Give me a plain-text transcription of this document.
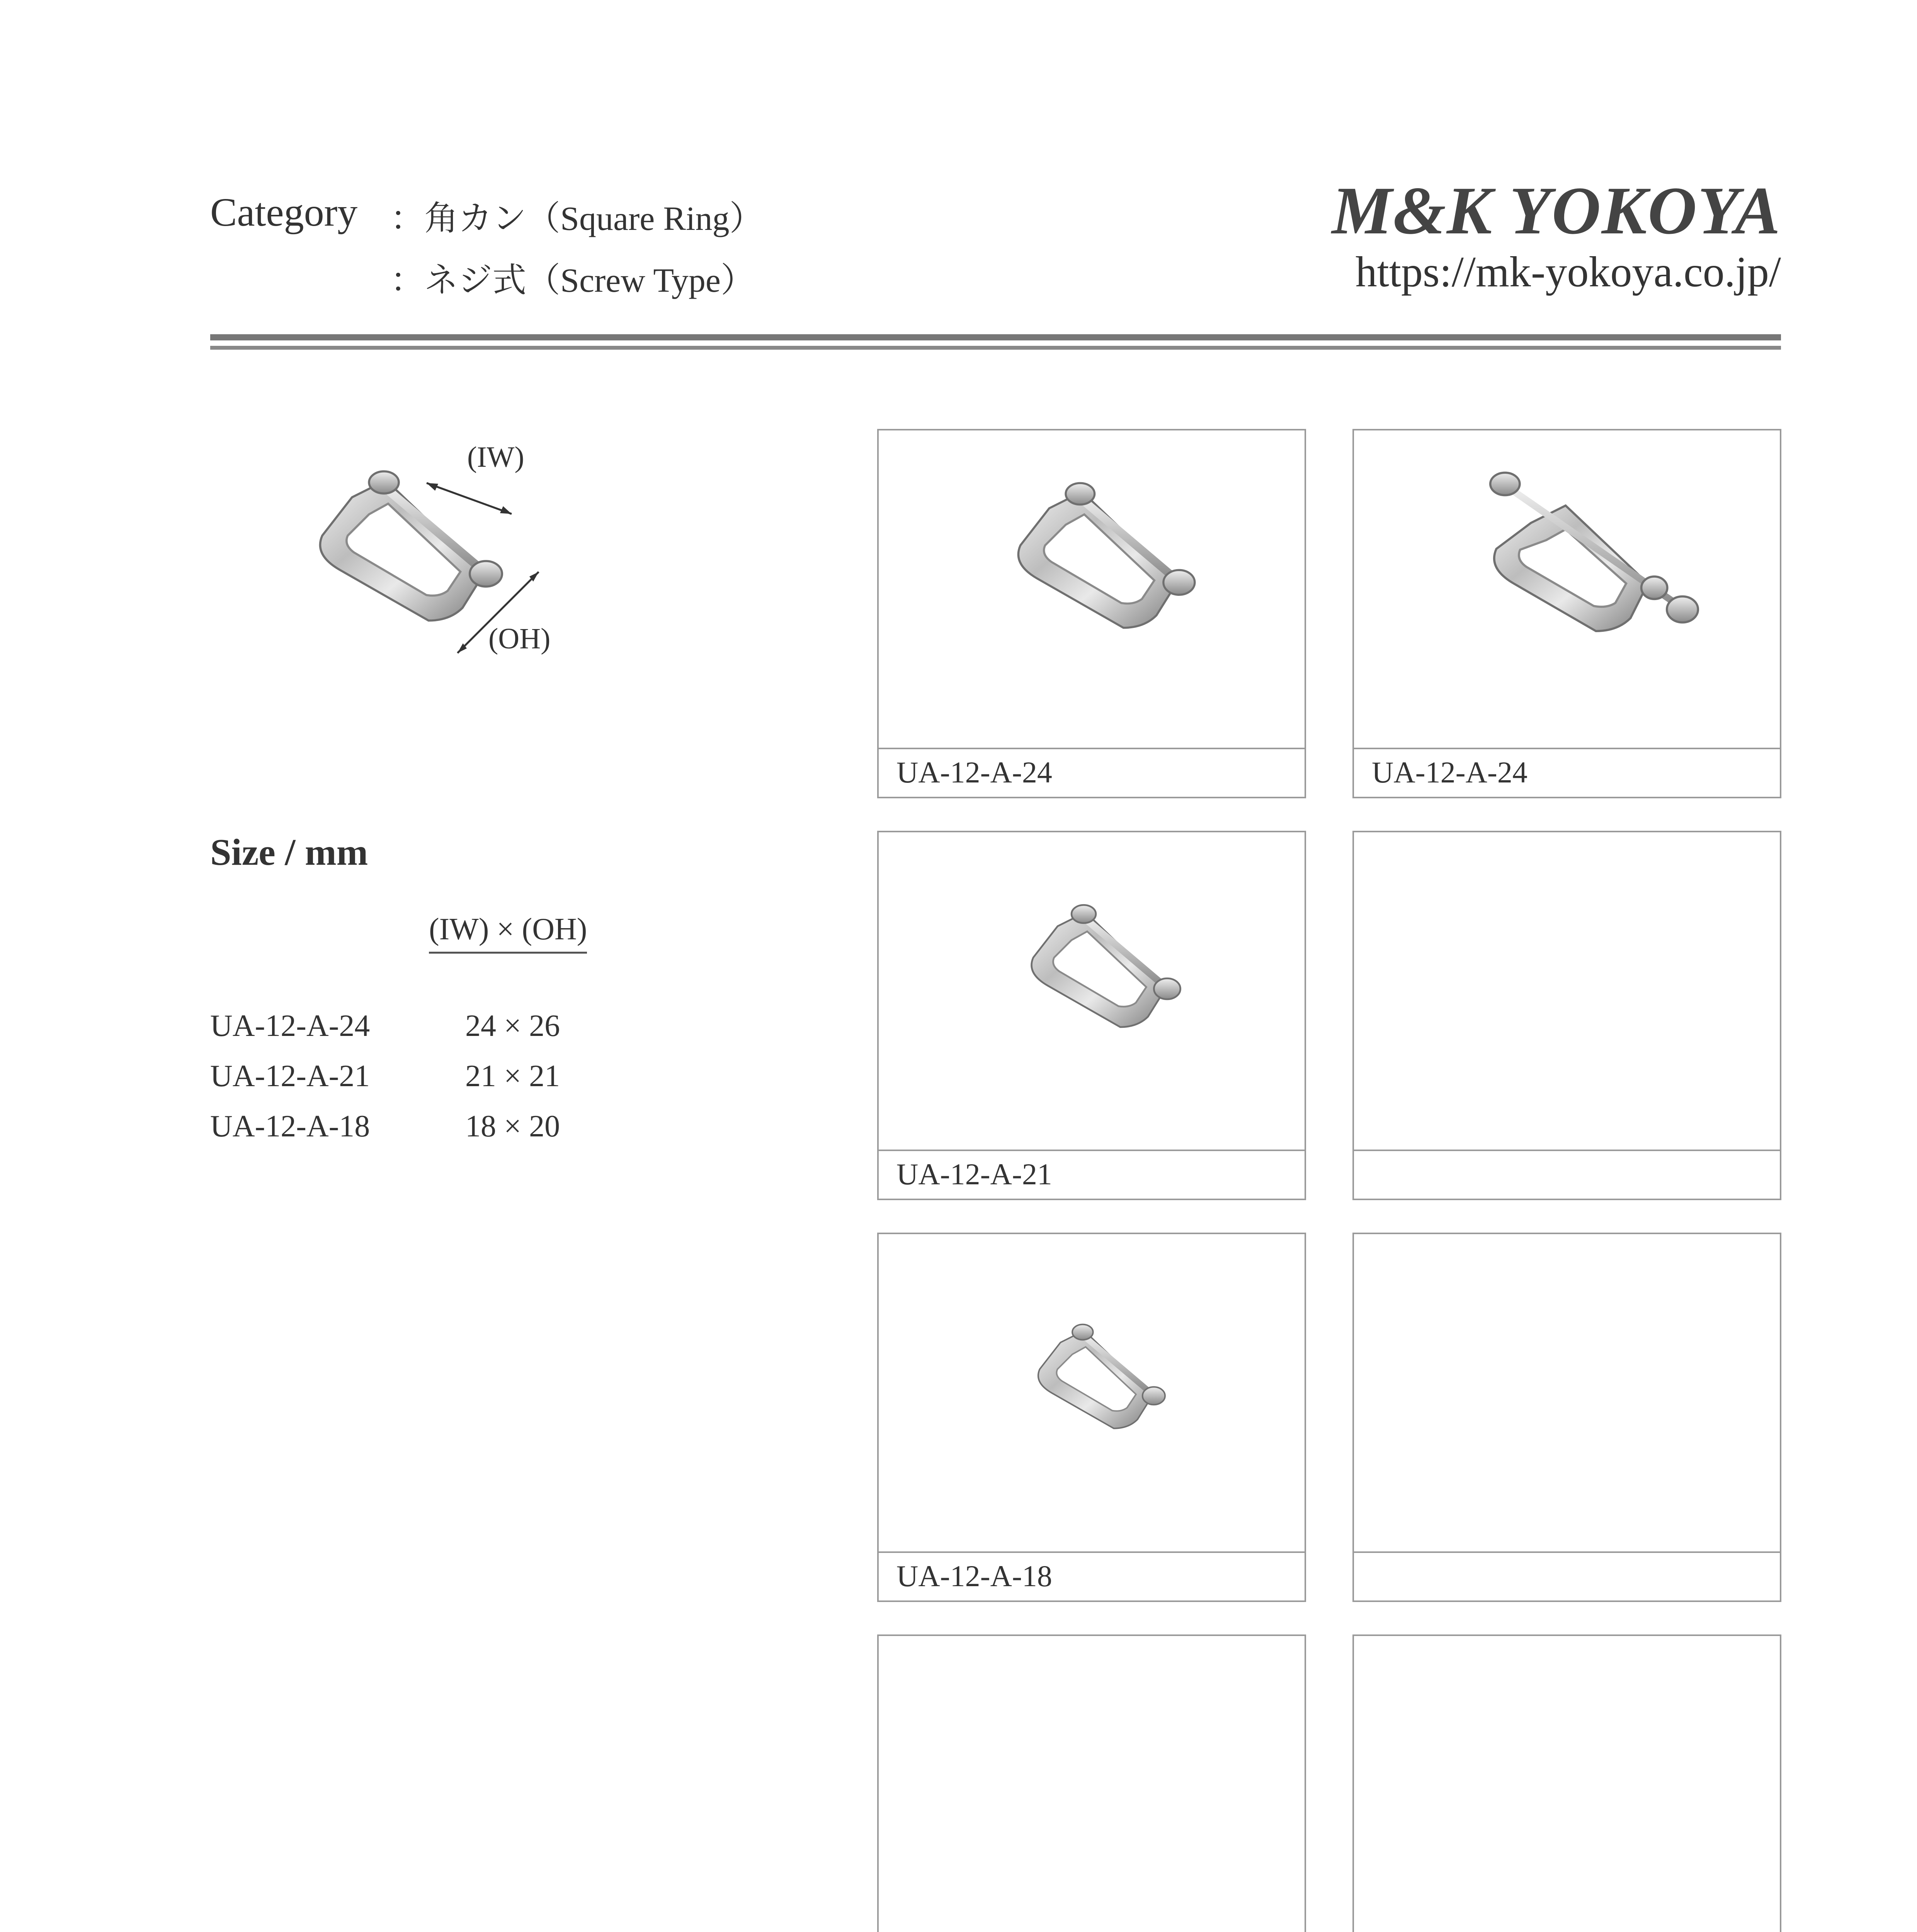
Category ：角カン（Square Ring）
：ネジ式（Screw Type）
M&K YOKOYA
https://mk-yokoya.co.jp/
(IW)
(OH)
Size / mm
(IW) × (OH)
UA-12-A-24	24 × 26
UA-12-A-21	21 × 21
UA-12-A-18	18 × 20
UA-12-A-24	UA-12-A-24
UA-12-A-21
UA-12-A-18
